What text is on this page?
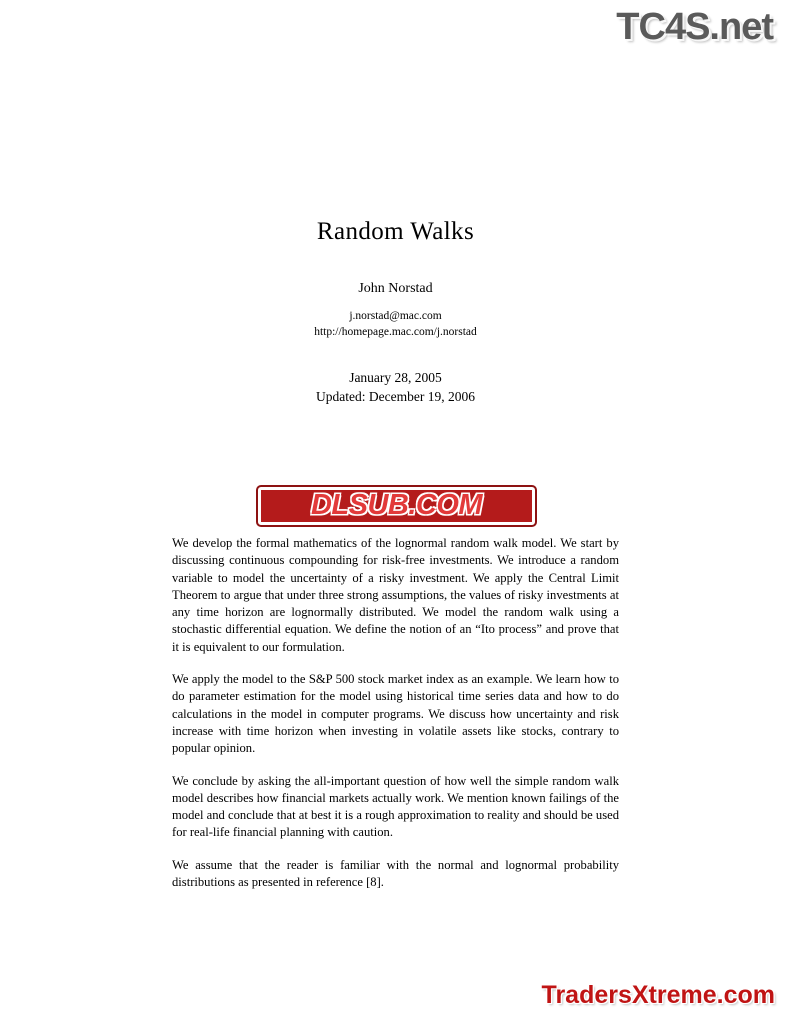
TC4S.net
Random Walks
John Norstad
j.norstad@mac.com
http://homepage.mac.com/j.norstad
January 28, 2005
Updated: December 19, 2006
DLSUB.COM

We develop the formal mathematics of the lognormal random walk model. We start by discussing continuous compounding for risk-free investments. We introduce a random variable to model the uncertainty of a risky investment. We apply the Central Limit Theorem to argue that under three strong assumptions, the values of risky investments at any time horizon are lognormally distributed. We model the random walk using a stochastic differential equation. We define the notion of an “Ito process” and prove that it is equivalent to our formulation.

We apply the model to the S&P 500 stock market index as an example. We learn how to do parameter estimation for the model using historical time series data and how to do calculations in the model in computer programs. We discuss how uncertainty and risk increase with time horizon when investing in volatile assets like stocks, contrary to popular opinion.

We conclude by asking the all-important question of how well the simple random walk model describes how financial markets actually work. We mention known failings of the model and conclude that at best it is a rough approximation to reality and should be used for real-life financial planning with caution.

We assume that the reader is familiar with the normal and lognormal probability distributions as presented in reference [8].

TradersXtreme.com
